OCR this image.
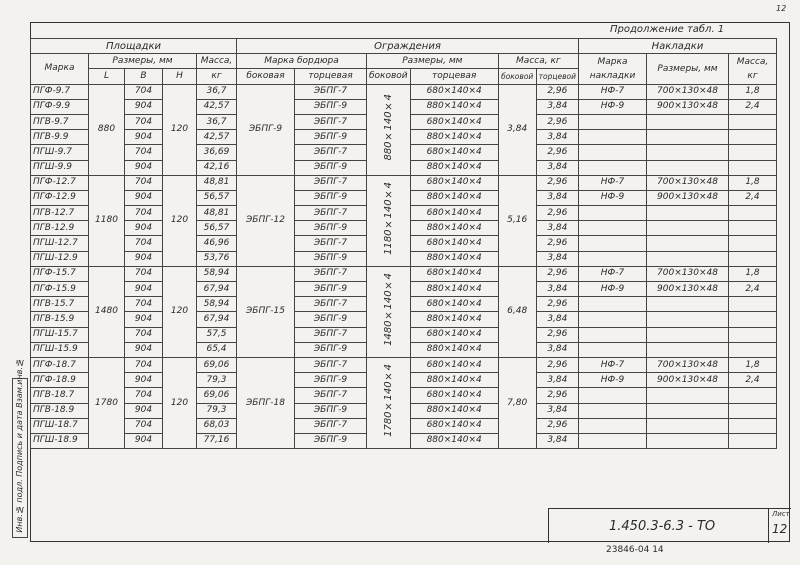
12
Продолжение табл. 1
Площадки					Ограждения						Накладки		
Марка	Размеры, мм			Масса,	Марка бордюра		Размеры, мм		Масса, кг		Марка накладки	Размеры, мм	Масса, кг
	L	B	H	кг	боковая	торцевая	боковой	торцевая	боковой	торцевой			
ПГФ-9.7	880	704	120	36,7	ЭБПГ-9	ЭБПГ-7	880×140×4	680×140×4	3,84	2,96	НФ-7	700×130×48	1,8
ПГФ-9.9		904		42,57		ЭБПГ-9		880×140×4		3,84	НФ-9	900×130×48	2,4
ПГВ-9.7		704		36,7		ЭБПГ-7		680×140×4		2,96			
ПГВ-9.9		904		42,57		ЭБПГ-9		880×140×4		3,84			
ПГШ-9.7		704		36,69		ЭБПГ-7		680×140×4		2,96			
ПГШ-9.9		904		42,16		ЭБПГ-9		880×140×4		3,84			
ПГФ-12.7	1180	704	120	48,81	ЭБПГ-12	ЭБПГ-7	1180×140×4	680×140×4	5,16	2,96	НФ-7	700×130×48	1,8
ПГФ-12.9		904		56,57		ЭБПГ-9		880×140×4		3,84	НФ-9	900×130×48	2,4
ПГВ-12.7		704		48,81		ЭБПГ-7		680×140×4		2,96			
ПГВ-12.9		904		56,57		ЭБПГ-9		880×140×4		3,84			
ПГШ-12.7		704		46,96		ЭБПГ-7		680×140×4		2,96			
ПГШ-12.9		904		53,76		ЭБПГ-9		880×140×4		3,84			
ПГФ-15.7	1480	704	120	58,94	ЭБПГ-15	ЭБПГ-7	1480×140×4	680×140×4	6,48	2,96	НФ-7	700×130×48	1,8
ПГФ-15.9		904		67,94		ЭБПГ-9		880×140×4		3,84	НФ-9	900×130×48	2,4
ПГВ-15.7		704		58,94		ЭБПГ-7		680×140×4		2,96			
ПГВ-15.9		904		67,94		ЭБПГ-9		880×140×4		3,84			
ПГШ-15.7		704		57,5		ЭБПГ-7		680×140×4		2,96			
ПГШ-15.9		904		65,4		ЭБПГ-9		880×140×4		3,84			
ПГФ-18.7	1780	704	120	69,06	ЭБПГ-18	ЭБПГ-7	1780×140×4	680×140×4	7,80	2,96	НФ-7	700×130×48	1,8
ПГФ-18.9		904		79,3		ЭБПГ-9		880×140×4		3,84	НФ-9	900×130×48	2,4
ПГВ-18.7		704		69,06		ЭБПГ-7		680×140×4		2,96			
ПГВ-18.9		904		79,3		ЭБПГ-9		880×140×4		3,84			
ПГШ-18.7		704		68,03		ЭБПГ-7		680×140×4		2,96			
ПГШ-18.9		904		77,16		ЭБПГ-9		880×140×4		3,84			
Инв.№ подл. Подпись и дата Взам.инв.№	1.450.3-6.3 - ТО
Лист
12
23846-04 14
